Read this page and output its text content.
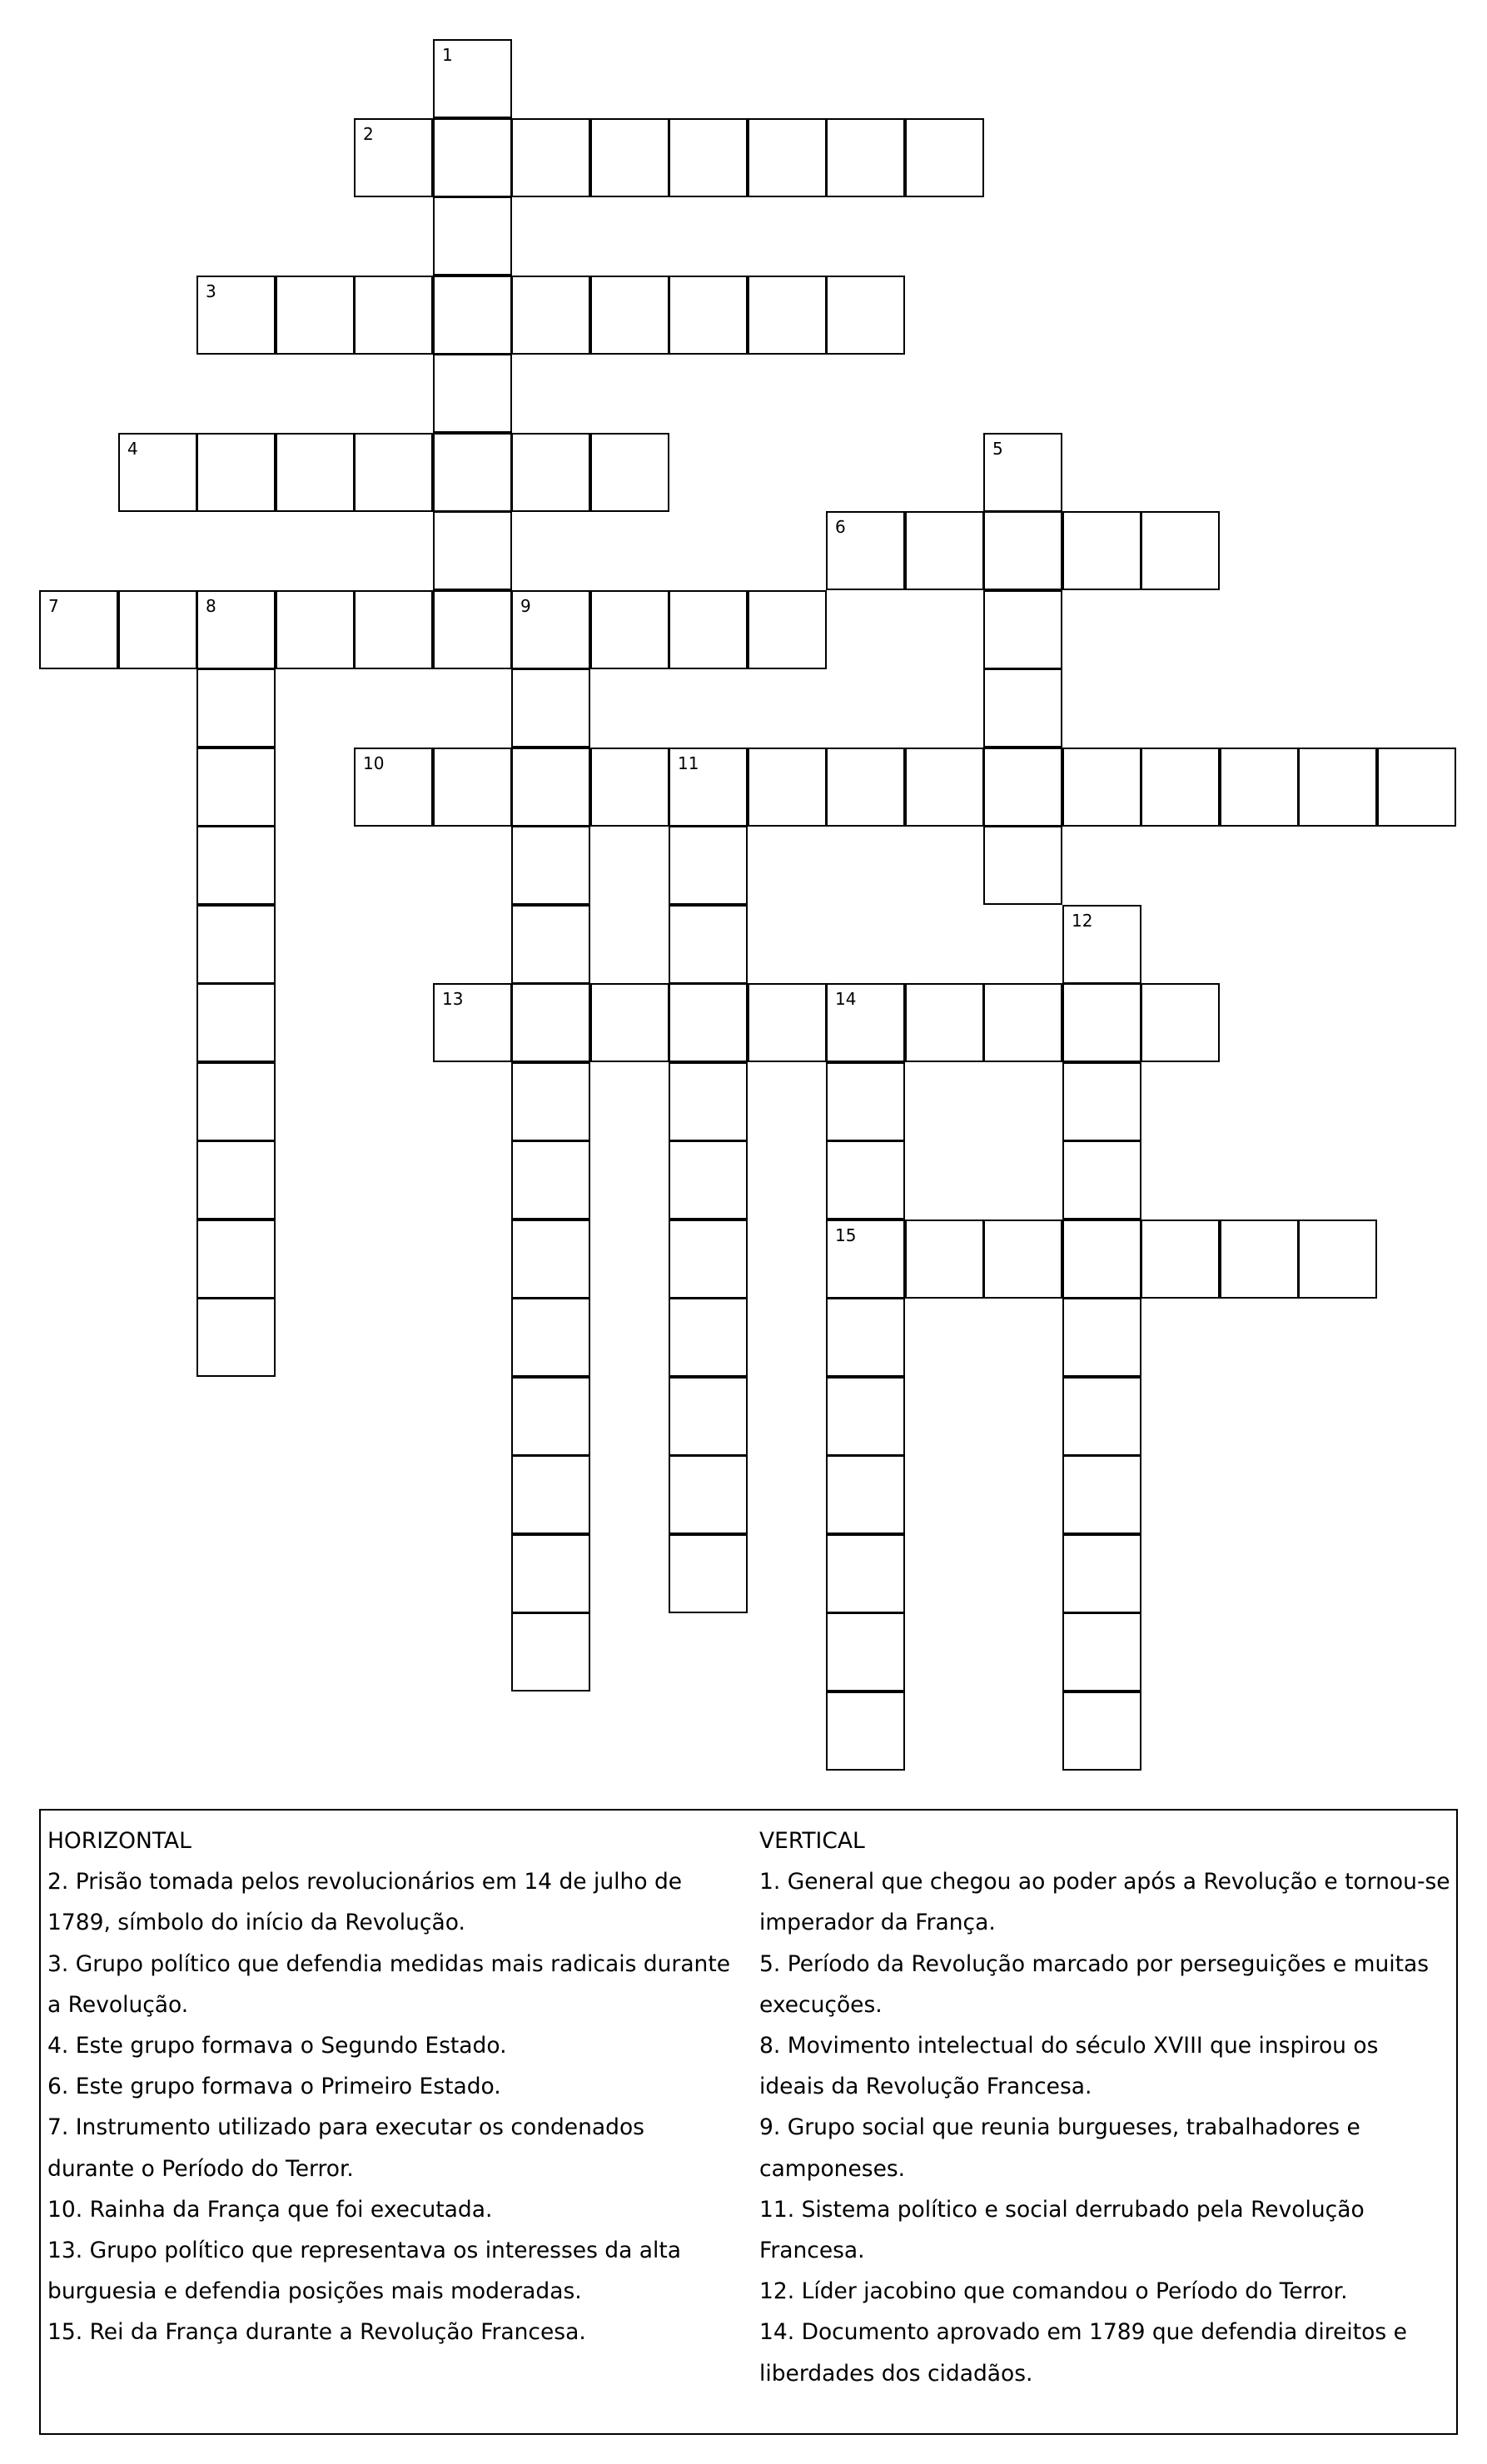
2
3
4
6
7	8	9
10	11
13	14
15
1
5
12
HORIZONTAL
2. Prisão tomada pelos revolucionários em 14 de julho de
1789, símbolo do início da Revolução.
3. Grupo político que defendia medidas mais radicais durante
a Revolução.
4. Este grupo formava o Segundo Estado.
6. Este grupo formava o Primeiro Estado.
7. Instrumento utilizado para executar os condenados
durante o Período do Terror.
10. Rainha da França que foi executada.
13. Grupo político que representava os interesses da alta
burguesia e defendia posições mais moderadas.
15. Rei da França durante a Revolução Francesa.
VERTICAL
1. General que chegou ao poder após a Revolução e tornou-se
imperador da França.
5. Período da Revolução marcado por perseguições e muitas
execuções.
8. Movimento intelectual do século XVIII que inspirou os
ideais da Revolução Francesa.
9. Grupo social que reunia burgueses, trabalhadores e
camponeses.
11. Sistema político e social derrubado pela Revolução
Francesa.
12. Líder jacobino que comandou o Período do Terror.
14. Documento aprovado em 1789 que defendia direitos e
liberdades dos cidadãos.
